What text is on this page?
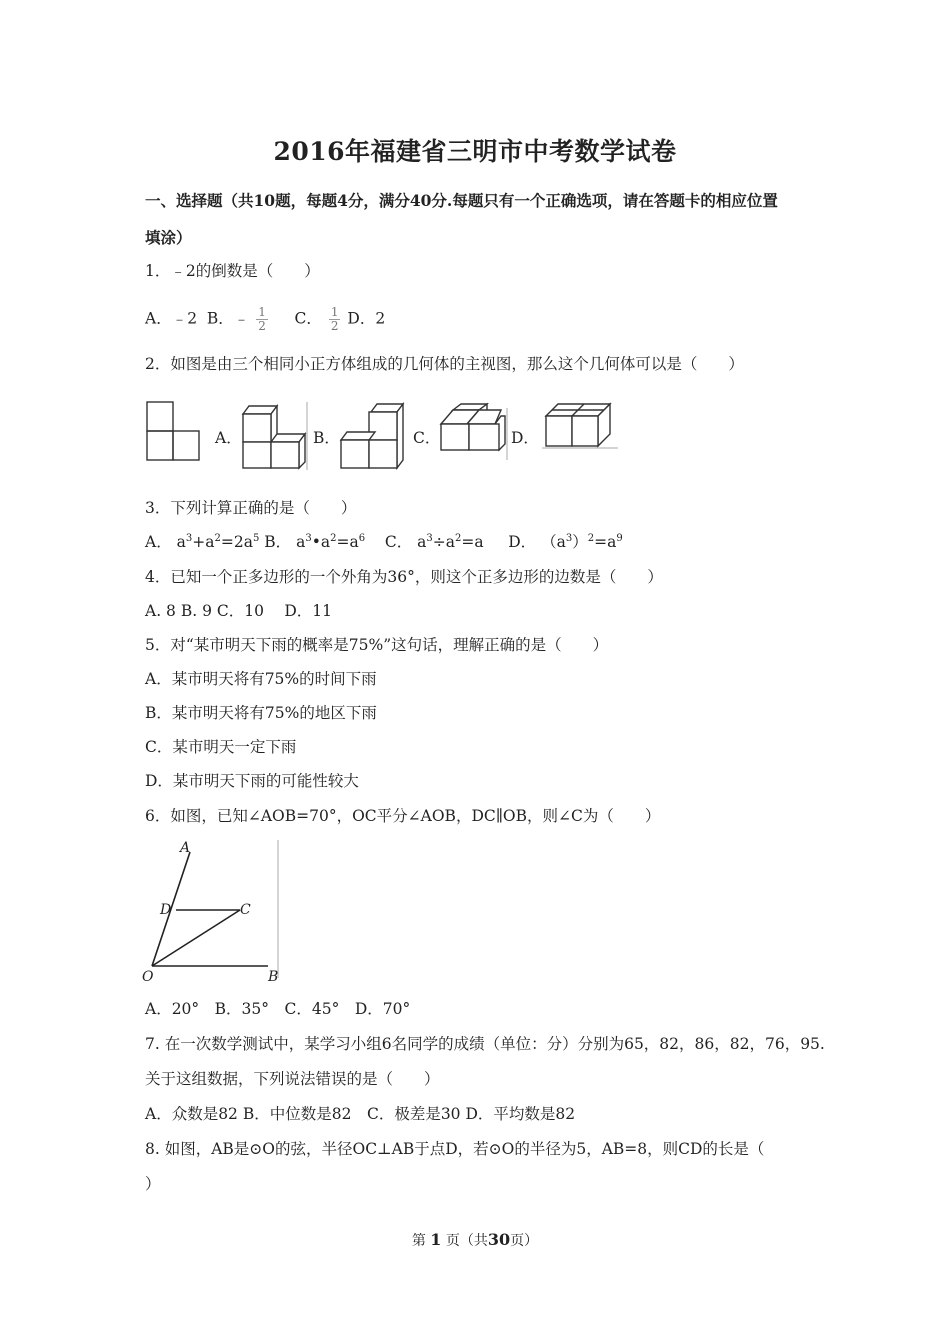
2016年福建省三明市中考数学试卷
一、选择题（共10题，每题4分，满分40分.每题只有一个正确选项，请在答题卡的相应位置
填涂）
1．﹣2的倒数是（　　）
A．﹣2 B．﹣ $\frac{1}{2}$ C． $\frac{1}{2}$ D．2
2．如图是由三个相同小正方体组成的几何体的主视图，那么这个几何体可以是（　　）
A．	B．	C．	D．
3．下列计算正确的是（　　）
A． $a^3+a^2=2a^5$ B． $a^3•a^2=a^6$ C． $a^3\div a^2=a$ D． $(a^3)^2=a^9$
4．已知一个正多边形的一个外角为36°，则这个正多边形的边数是（　　）
A. 8 B. 9 C．10　 D．11
5．对“某市明天下雨的概率是75%”这句话，理解正确的是（　　）
A．某市明天将有75%的时间下雨
B．某市明天将有75%的地区下雨
C．某市明天一定下雨
D．某市明天下雨的可能性较大
6．如图，已知∠AOB=70°，OC平分∠AOB，DC∥OB，则∠C为（　　）
A
D	C
O	B
A．20°　B．35°　C．45°　D．70°
7. 在一次数学测试中，某学习小组6名同学的成绩（单位：分）分别为65，82，86，82，76，95.
关于这组数据，下列说法错误的是（　　）
A．众数是82 B．中位数是82　C．极差是30 D．平均数是82
8. 如图，AB是⊙O的弦，半径OC⊥AB于点D，若⊙O的半径为5，AB=8，则CD的长是（
）
第 1 页（共30页）
